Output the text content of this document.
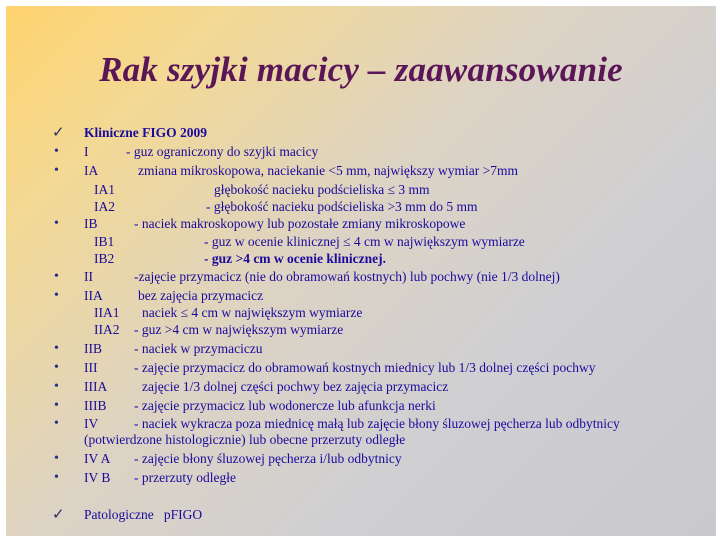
Rak szyjki macicy – zaawansowanie
✓ Kliniczne FIGO 2009
• I	- guz ograniczony do szyjki macicy
• IA	zmiana mikroskopowa, naciekanie <5 mm, największy wymiar >7mm
IA1	głębokość nacieku podścieliska ≤ 3 mm
IA2	- głębokość nacieku podścieliska >3 mm do 5 mm
• IB	- naciek makroskopowy lub pozostałe zmiany mikroskopowe
IB1	- guz w ocenie klinicznej ≤ 4 cm w największym wymiarze
IB2	- guz >4 cm w ocenie klinicznej.
• II	-zajęcie przymacicz (nie do obramowań kostnych) lub pochwy (nie 1/3 dolnej)
• IIA	bez zajęcia przymacicz
IIA1 naciek ≤ 4 cm w największym wymiarze
IIA2 - guz >4 cm w największym wymiarze
• IIB - naciek w przymaciczu
• III	- zajęcie przymacicz do obramowań kostnych miednicy lub 1/3 dolnej części pochwy
• IIIA	zajęcie 1/3 dolnej części pochwy bez zajęcia przymacicz
• IIIB - zajęcie przymacicz lub wodonercze lub afunkcja nerki
• IV	- naciek wykracza poza miednicę małą lub zajęcie błony śluzowej pęcherza lub odbytnicy
(potwierdzone histologicznie) lub obecne przerzuty odległe
• IV A - zajęcie błony śluzowej pęcherza i/lub odbytnicy
• IV B - przerzuty odległe
✓ Patologiczne   pFIGO
